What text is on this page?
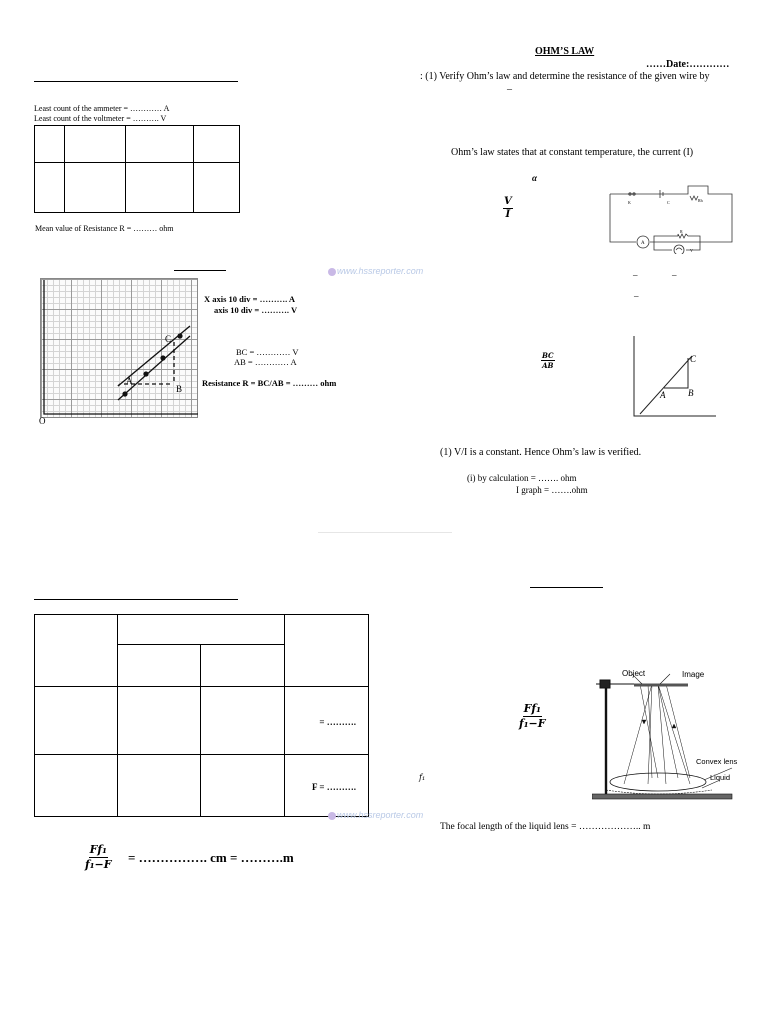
OHM’S LAW
……Date:…………
: (1) Verify Ohm’s law and determine the resistance of the given wire by
–
Ohm’s law states that at constant temperature, the current (I)
α
$\frac{V}{I}$	K	C	Rh
A
R
V
–	–
–
$\frac{BC}{AB}$	C
B
A
(1) V/I is a constant. Hence Ohm’s law is verified.
(i) by calculation = ……. ohm
I graph = …….ohm
Least count of the ammeter = ………… A
Least count of the voltmeter = ………. V

Mean value of Resistance R = ……… ohm
A
B
C
O
X axis 10 div = ………. A
axis 10 div = ………. V
BC = ………… V
AB = ………… A
Resistance R = BC/AB = ……… ohm
www.hssreporter.com

			= ……….
			F = ……….
www.hssreporter.com
$\frac{\text{Ff₁}}{\text{f₁−F}}$
f₁
Object	Image
Convex lens
Liquid
The focal length of the liquid lens = ……………….. m
$\frac{\text{Ff₁}}{\text{f₁−F}}$ = ……………. cm = ……….m
